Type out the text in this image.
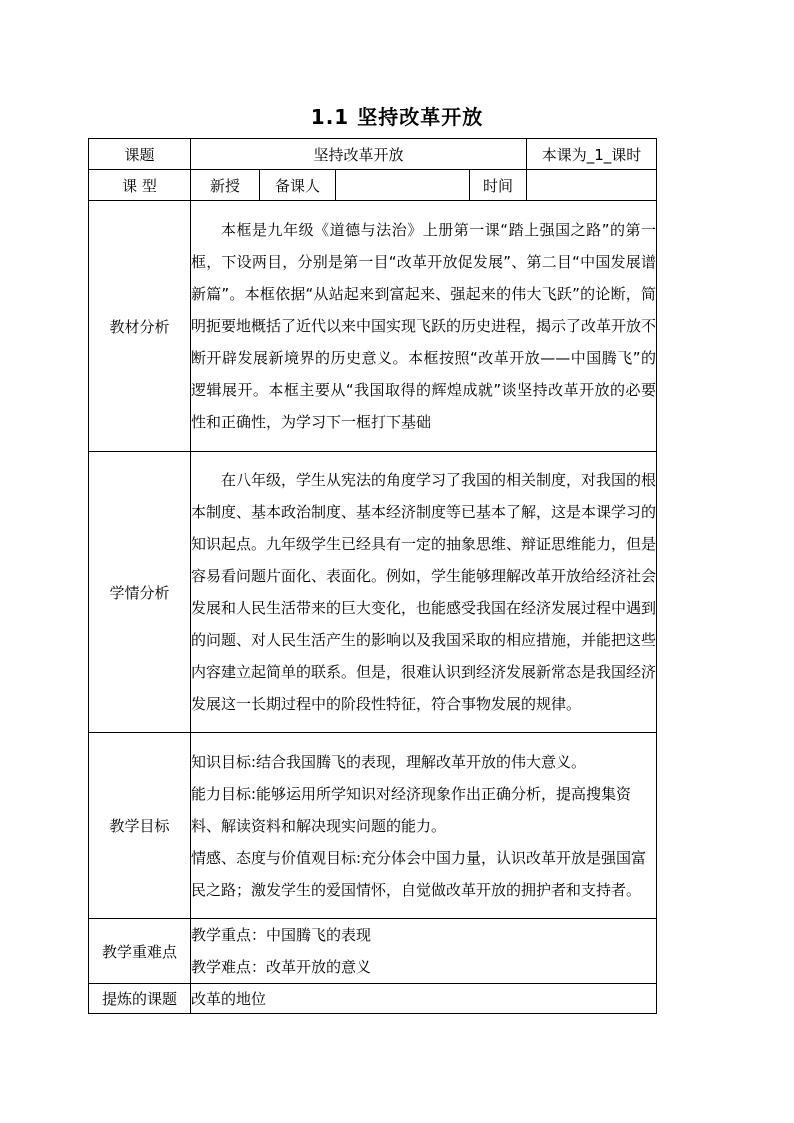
1.1 坚持改革开放
课题	坚持改革开放				本课为_1_课时
课 型	新授	备课人		时间	
教材分析	本框是九年级《道德与法治》上册第一课“踏上强国之路”的第一框，下设两目，分别是第一目“改革开放促发展”、第二目“中国发展谱新篇”。本框依据“从站起来到富起来、强起来的伟大飞跃”的论断，简明扼要地概括了近代以来中国实现飞跃的历史进程，揭示了改革开放不断开辟发展新境界的历史意义。本框按照“改革开放——中国腾飞”的逻辑展开。本框主要从“我国取得的辉煌成就”谈坚持改革开放的必要性和正确性，为学习下一框打下基础				
学情分析	在八年级，学生从宪法的角度学习了我国的相关制度，对我国的根本制度、基本政治制度、基本经济制度等已基本了解，这是本课学习的知识起点。九年级学生已经具有一定的抽象思维、辩证思维能力，但是容易看问题片面化、表面化。例如，学生能够理解改革开放给经济社会发展和人民生活带来的巨大变化，也能感受我国在经济发展过程中遇到的问题、对人民生活产生的影响以及我国采取的相应措施，并能把这些内容建立起简单的联系。但是，很难认识到经济发展新常态是我国经济发展这一长期过程中的阶段性特征，符合事物发展的规律。				
教学目标	知识目标:结合我国腾飞的表现，理解改革开放的伟大意义。
能力目标:能够运用所学知识对经济现象作出正确分析，提高搜集资料、解读资料和解决现实问题的能力。
情感、态度与价值观目标:充分体会中国力量，认识改革开放是强国富民之路；激发学生的爱国情怀，自觉做改革开放的拥护者和支持者。				

教学重难点	教学重点：中国腾飞的表现
教学难点：改革开放的意义				

提炼的课题	改革的地位				
